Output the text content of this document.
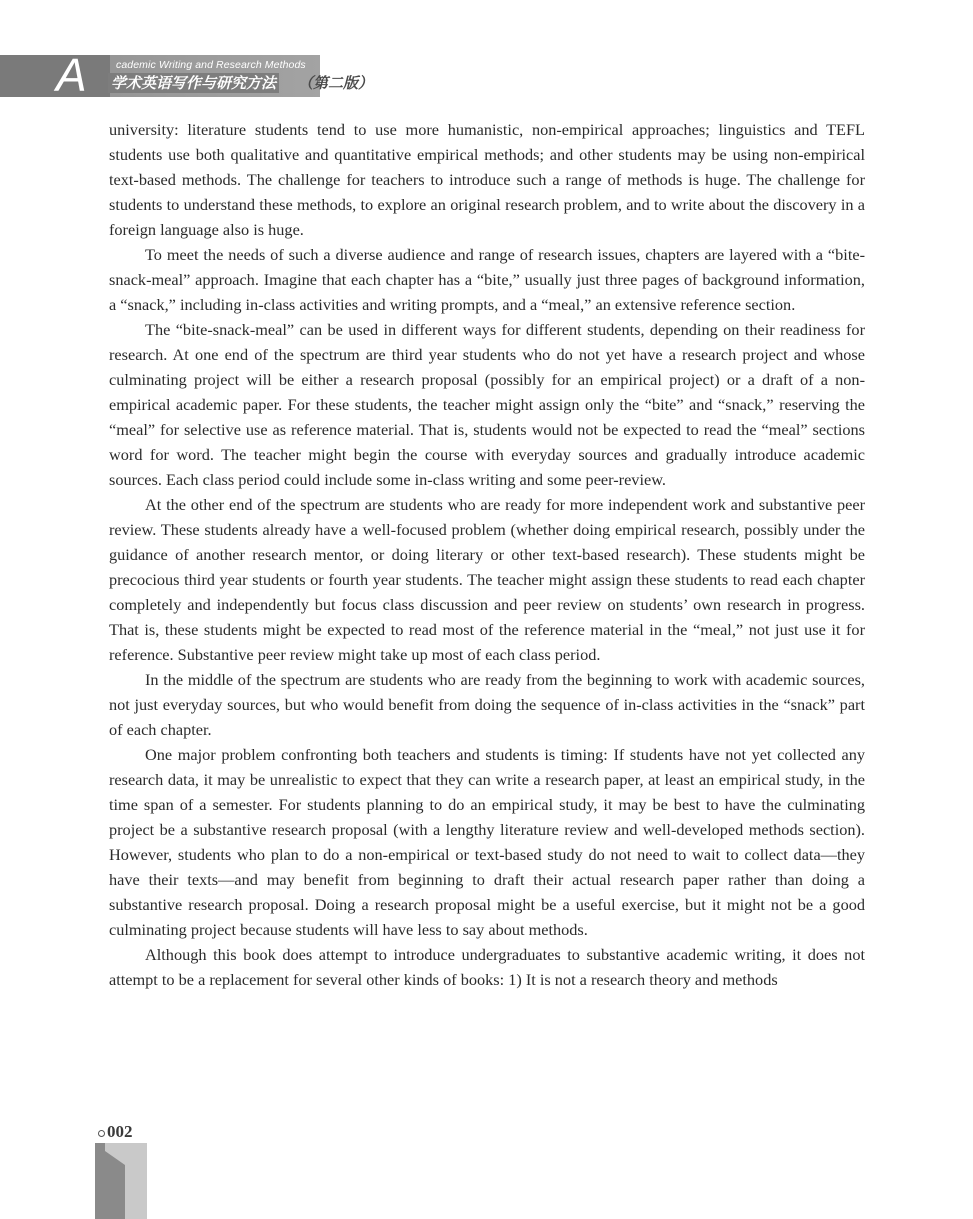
A	cademic Writing and Research Methods
学术英语写作与研究方法 （第二版）

university: literature students tend to use more humanistic, non-empirical approaches; linguistics and TEFL students use both qualitative and quantitative empirical methods; and other students may be using non-empirical text-based methods. The challenge for teachers to introduce such a range of methods is huge. The challenge for students to understand these methods, to explore an original research problem, and to write about the discovery in a foreign language also is huge.

To meet the needs of such a diverse audience and range of research issues, chapters are layered with a “bite-snack-meal” approach. Imagine that each chapter has a “bite,” usually just three pages of background information, a “snack,” including in-class activities and writing prompts, and a “meal,” an extensive reference section.

The “bite-snack-meal” can be used in different ways for different students, depending on their readiness for research. At one end of the spectrum are third year students who do not yet have a research project and whose culminating project will be either a research proposal (possibly for an empirical project) or a draft of a non-empirical academic paper. For these students, the teacher might assign only the “bite” and “snack,” reserving the “meal” for selective use as reference material. That is, students would not be expected to read the “meal” sections word for word. The teacher might begin the course with everyday sources and gradually introduce academic sources. Each class period could include some in-class writing and some peer-review.

At the other end of the spectrum are students who are ready for more independent work and substantive peer review. These students already have a well-focused problem (whether doing empirical research, possibly under the guidance of another research mentor, or doing literary or other text-based research). These students might be precocious third year students or fourth year students. The teacher might assign these students to read each chapter completely and independently but focus class discussion and peer review on students’ own research in progress. That is, these students might be expected to read most of the reference material in the “meal,” not just use it for reference. Substantive peer review might take up most of each class period.

In the middle of the spectrum are students who are ready from the beginning to work with academic sources, not just everyday sources, but who would benefit from doing the sequence of in-class activities in the “snack” part of each chapter.

One major problem confronting both teachers and students is timing: If students have not yet collected any research data, it may be unrealistic to expect that they can write a research paper, at least an empirical study, in the time span of a semester. For students planning to do an empirical study, it may be best to have the culminating project be a substantive research proposal (with a lengthy literature review and well-developed methods section). However, students who plan to do a non-empirical or text-based study do not need to wait to collect data—they have their texts—and may benefit from beginning to draft their actual research paper rather than doing a substantive research proposal. Doing a research proposal might be a useful exercise, but it might not be a good culminating project because students will have less to say about methods.

Although this book does attempt to introduce undergraduates to substantive academic writing, it does not attempt to be a replacement for several other kinds of books: 1) It is not a research theory and methods

002
